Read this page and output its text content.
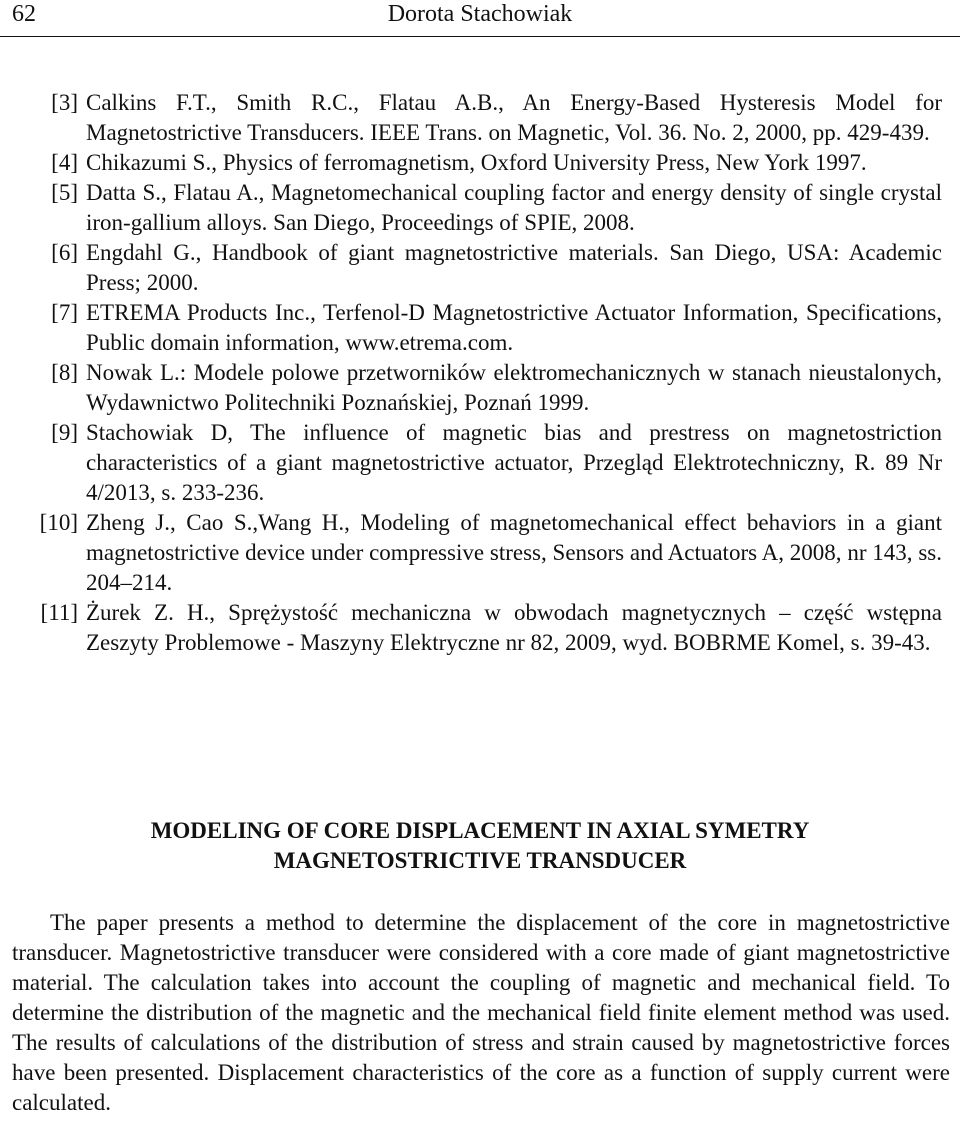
62	Dorota Stachowiak
[3] Calkins F.T., Smith R.C., Flatau A.B., An Energy-Based Hysteresis Model for Magnetostrictive Transducers. IEEE Trans. on Magnetic, Vol. 36. No. 2, 2000, pp. 429-439.
[4] Chikazumi S., Physics of ferromagnetism, Oxford University Press, New York 1997.
[5] Datta S., Flatau A., Magnetomechanical coupling factor and energy density of single crystal iron-gallium alloys. San Diego, Proceedings of SPIE, 2008.
[6] Engdahl G., Handbook of giant magnetostrictive materials. San Diego, USA: Academic Press; 2000.
[7] ETREMA Products Inc., Terfenol-D Magnetostrictive Actuator Information, Specifications, Public domain information, www.etrema.com.
[8] Nowak L.: Modele polowe przetworników elektromechanicznych w stanach nieustalonych, Wydawnictwo Politechniki Poznańskiej, Poznań 1999.
[9] Stachowiak D, The influence of magnetic bias and prestress on magnetostriction characteristics of a giant magnetostrictive actuator, Przegląd Elektrotechniczny, R. 89 Nr 4/2013, s. 233-236.
[10] Zheng J., Cao S.,Wang H., Modeling of magnetomechanical effect behaviors in a giant magnetostrictive device under compressive stress, Sensors and Actuators A, 2008, nr 143, ss. 204–214.
[11] Żurek Z. H., Sprężystość mechaniczna w obwodach magnetycznych – część wstępna Zeszyty Problemowe - Maszyny Elektryczne nr 82, 2009, wyd. BOBRME Komel, s. 39-43.
MODELING OF CORE DISPLACEMENT IN AXIAL SYMETRY
MAGNETOSTRICTIVE TRANSDUCER
The paper presents a method to determine the displacement of the core in magnetostrictive transducer. Magnetostrictive transducer were considered with a core made of giant magnetostrictive material. The calculation takes into account the coupling of magnetic and mechanical field. To determine the distribution of the magnetic and the mechanical field finite element method was used. The results of calculations of the distribution of stress and strain caused by magnetostrictive forces have been presented. Displacement characteristics of the core as a function of supply current were calculated.
